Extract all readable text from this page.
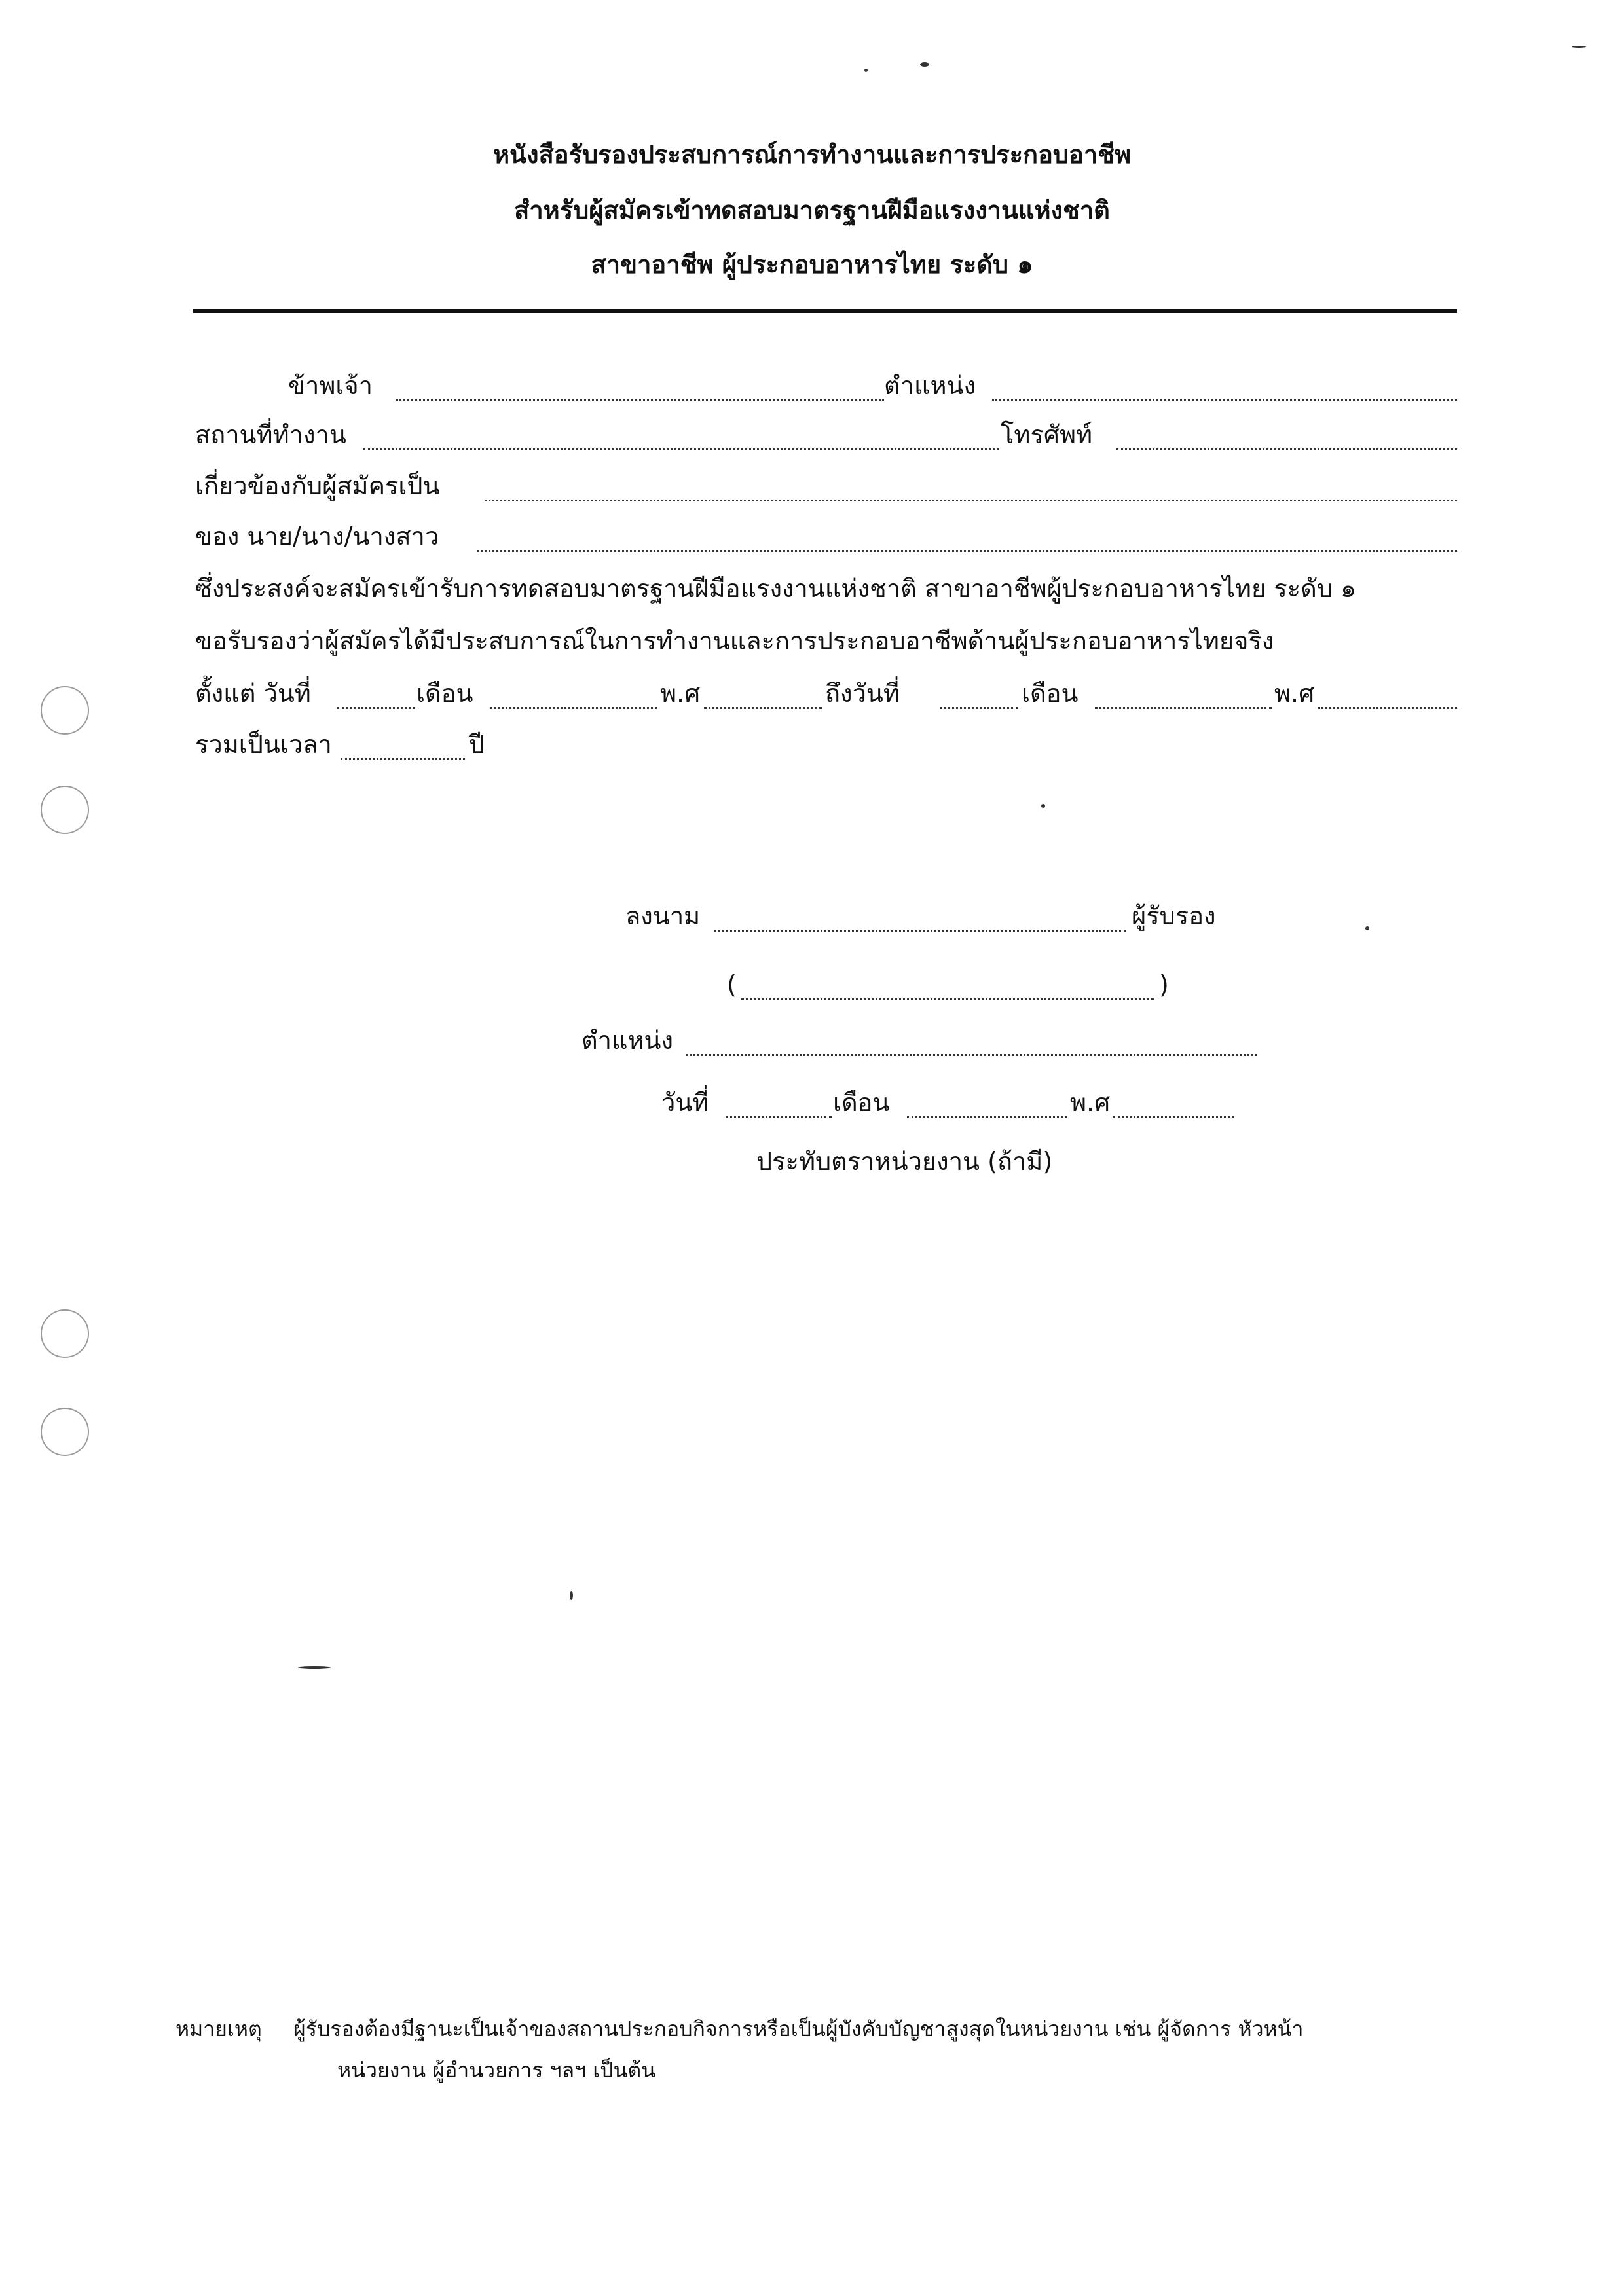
หนังสือรับรองประสบการณ์การทำงานและการประกอบอาชีพ
สำหรับผู้สมัครเข้าทดสอบมาตรฐานฝีมือแรงงานแห่งชาติ
สาขาอาชีพ ผู้ประกอบอาหารไทย ระดับ ๑
ข้าพเจ้า	ตำแหน่ง
สถานที่ทำงาน	โทรศัพท์
เกี่ยวข้องกับผู้สมัครเป็น
ของ นาย/นาง/นางสาว
ซึ่งประสงค์จะสมัครเข้ารับการทดสอบมาตรฐานฝีมือแรงงานแห่งชาติ สาขาอาชีพผู้ประกอบอาหารไทย ระดับ ๑
ขอรับรองว่าผู้สมัครได้มีประสบการณ์ในการทำงานและการประกอบอาชีพด้านผู้ประกอบอาหารไทยจริง
ตั้งแต่ วันที่	เดือน	พ.ศ	ถึงวันที่	เดือน	พ.ศ
รวมเป็นเวลา	ปี
ลงนาม	ผู้รับรอง
(	)
ตำแหน่ง
วันที่	เดือน	พ.ศ
ประทับตราหน่วยงาน (ถ้ามี)
หมายเหตุ ผู้รับรองต้องมีฐานะเป็นเจ้าของสถานประกอบกิจการหรือเป็นผู้บังคับบัญชาสูงสุดในหน่วยงาน เช่น ผู้จัดการ หัวหน้า
หน่วยงาน ผู้อำนวยการ ฯลฯ เป็นต้น
